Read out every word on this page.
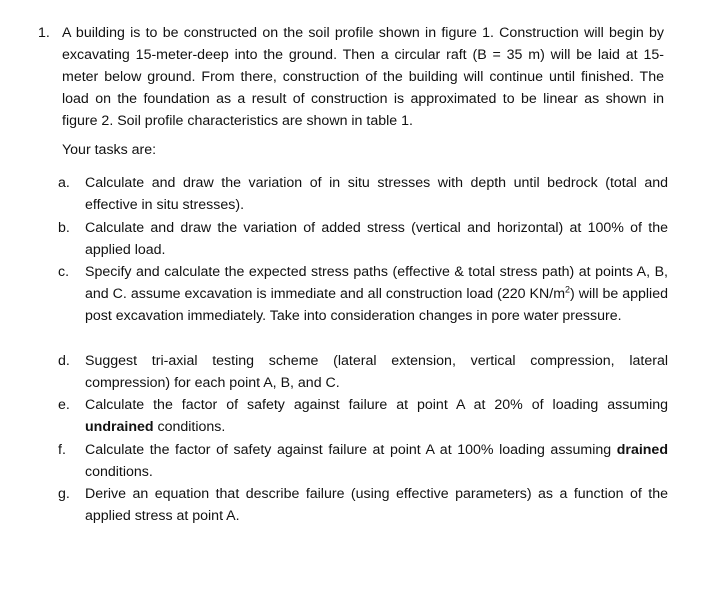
1. A building is to be constructed on the soil profile shown in figure 1. Construction will begin by excavating 15-meter-deep into the ground. Then a circular raft (B = 35 m) will be laid at 15-meter below ground. From there, construction of the building will continue until finished. The load on the foundation as a result of construction is approximated to be linear as shown in figure 2. Soil profile characteristics are shown in table 1.
Your tasks are:
a. Calculate and draw the variation of in situ stresses with depth until bedrock (total and effective in situ stresses).
b. Calculate and draw the variation of added stress (vertical and horizontal) at 100% of the applied load.
c. Specify and calculate the expected stress paths (effective & total stress path) at points A, B, and C. assume excavation is immediate and all construction load (220 $KN/m^2$) will be applied post excavation immediately. Take into consideration changes in pore water pressure.
d. Suggest tri-axial testing scheme (lateral extension, vertical compression, lateral compression) for each point A, B, and C.
e. Calculate the factor of safety against failure at point A at 20% of loading assuming undrained conditions.
f. Calculate the factor of safety against failure at point A at 100% loading assuming drained conditions.
g. Derive an equation that describe failure (using effective parameters) as a function of the applied stress at point A.
